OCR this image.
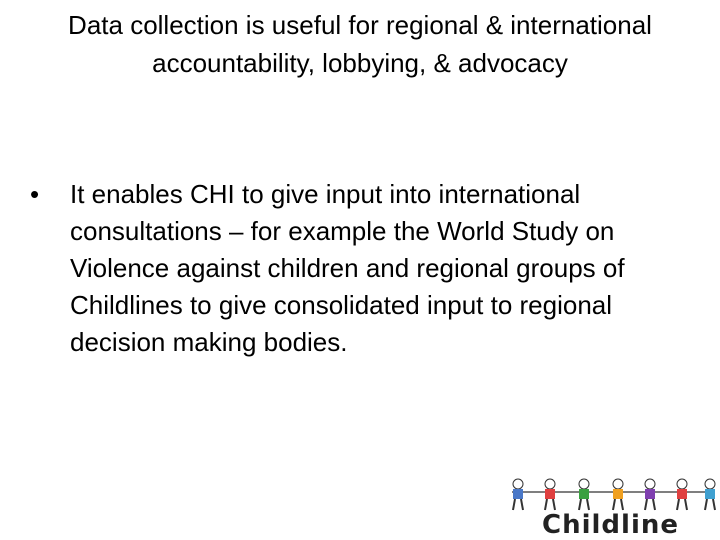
Data collection is useful for regional & international accountability, lobbying, & advocacy
•	It enables CHI to give input into international consultations – for example the World Study on Violence against children and regional groups of Childlines to give consolidated input to regional decision making bodies.
Childline
